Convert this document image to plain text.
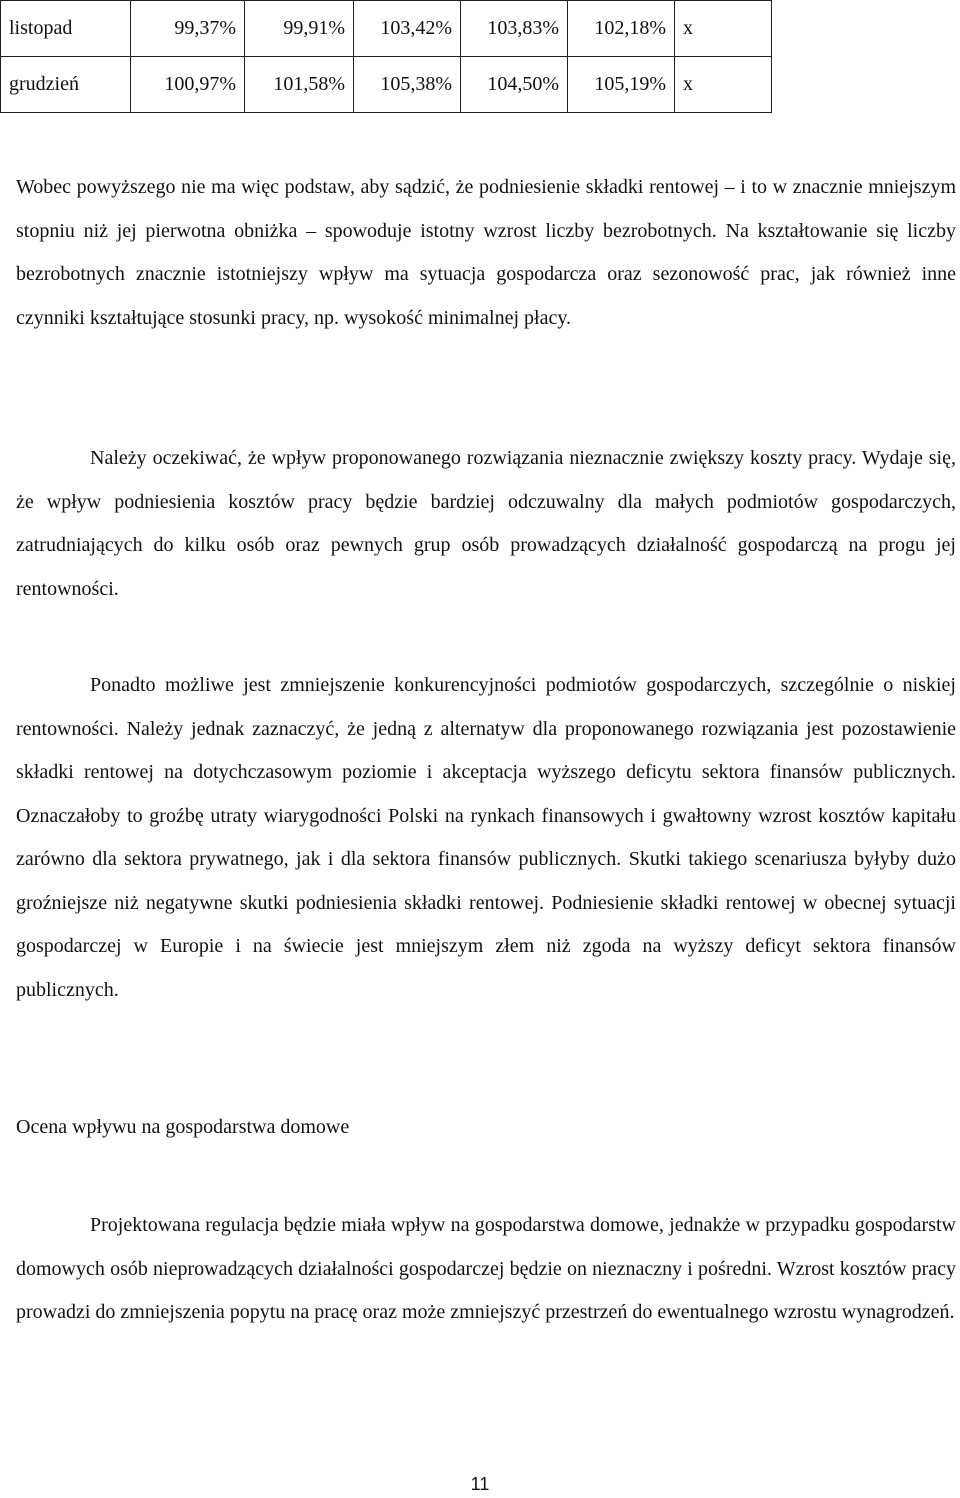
listopad	99,37%	99,91%	103,42%	103,83%	102,18%	x
grudzień	100,97%	101,58%	105,38%	104,50%	105,19%	x

Wobec powyższego nie ma więc podstaw, aby sądzić, że podniesienie składki rentowej – i to w znacznie mniejszym stopniu niż jej pierwotna obniżka – spowoduje istotny wzrost liczby bezrobotnych. Na kształtowanie się liczby bezrobotnych znacznie istotniejszy wpływ ma sytuacja gospodarcza oraz sezonowość prac, jak również inne czynniki kształtujące stosunki pracy, np. wysokość minimalnej płacy.

Należy oczekiwać, że wpływ proponowanego rozwiązania nieznacznie zwiększy koszty pracy. Wydaje się, że wpływ podniesienia kosztów pracy będzie bardziej odczuwalny dla małych podmiotów gospodarczych, zatrudniających do kilku osób oraz pewnych grup osób prowadzących działalność gospodarczą na progu jej rentowności.

Ponadto możliwe jest zmniejszenie konkurencyjności podmiotów gospodarczych, szczególnie o niskiej rentowności. Należy jednak zaznaczyć, że jedną z alternatyw dla proponowanego rozwiązania jest pozostawienie składki rentowej na dotychczasowym poziomie i akceptacja wyższego deficytu sektora finansów publicznych. Oznaczałoby to groźbę utraty wiarygodności Polski na rynkach finansowych i gwałtowny wzrost kosztów kapitału zarówno dla sektora prywatnego, jak i dla sektora finansów publicznych. Skutki takiego scenariusza byłyby dużo groźniejsze niż negatywne skutki podniesienia składki rentowej. Podniesienie składki rentowej w obecnej sytuacji gospodarczej w Europie i na świecie jest mniejszym złem niż zgoda na wyższy deficyt sektora finansów publicznych.

Ocena wpływu na gospodarstwa domowe

Projektowana regulacja będzie miała wpływ na gospodarstwa domowe, jednakże w przypadku gospodarstw domowych osób nieprowadzących działalności gospodarczej będzie on nieznaczny i pośredni. Wzrost kosztów pracy prowadzi do zmniejszenia popytu na pracę oraz może zmniejszyć przestrzeń do ewentualnego wzrostu wynagrodzeń.

11
